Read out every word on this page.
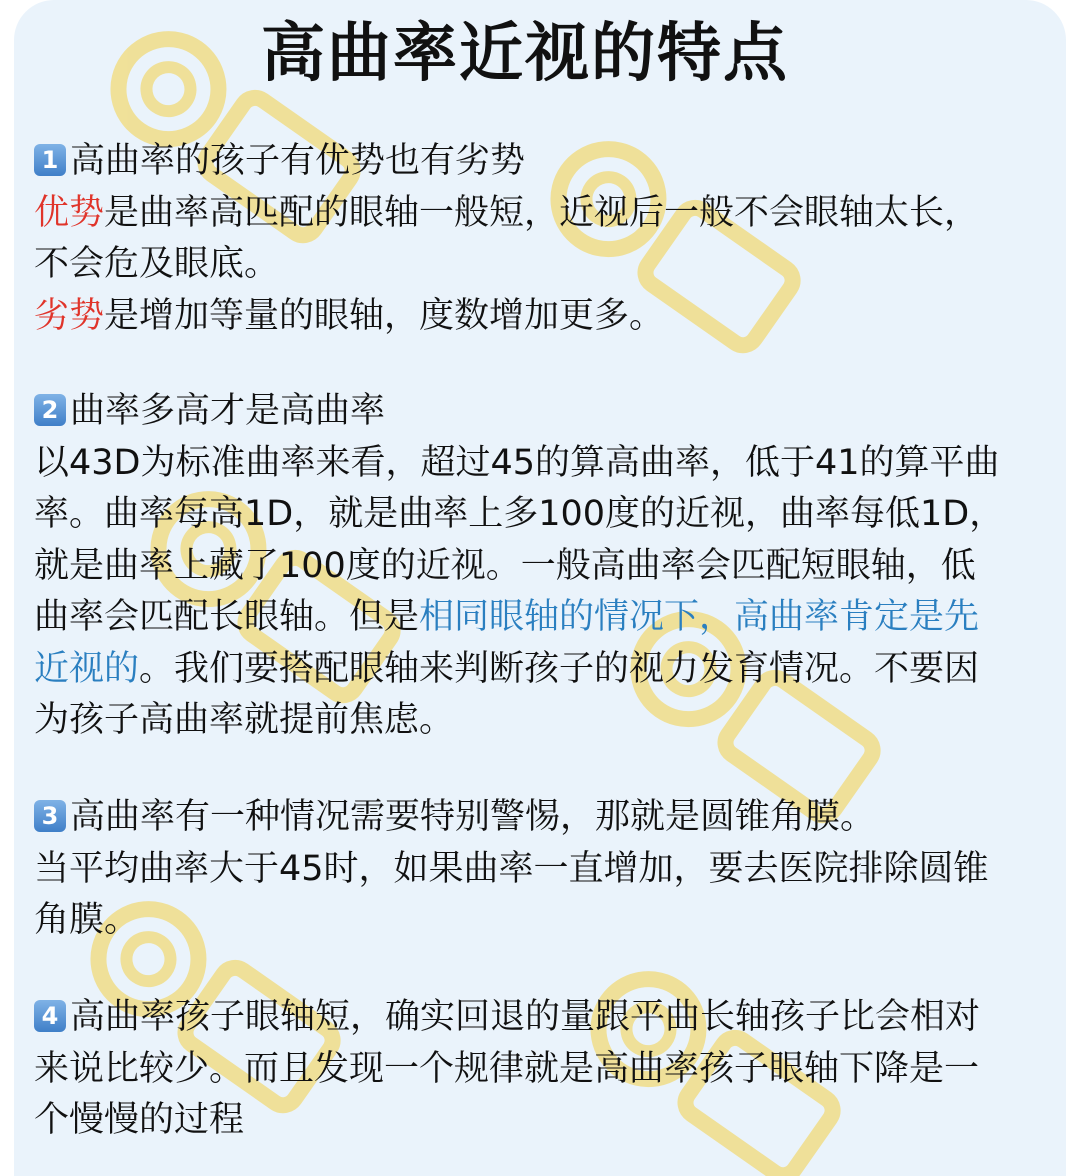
高曲率近视的特点
1 高曲率的孩子有优势也有劣势
优势是曲率高匹配的眼轴一般短，近视后一般不会眼轴太长，
不会危及眼底。
劣势是增加等量的眼轴，度数增加更多。
2 曲率多高才是高曲率
以43D为标准曲率来看，超过45的算高曲率，低于41的算平曲
率。曲率每高1D，就是曲率上多100度的近视，曲率每低1D，
就是曲率上藏了100度的近视。一般高曲率会匹配短眼轴，低
曲率会匹配长眼轴。但是相同眼轴的情况下，高曲率肯定是先
近视的。我们要搭配眼轴来判断孩子的视力发育情况。不要因
为孩子高曲率就提前焦虑。
3 高曲率有一种情况需要特别警惕，那就是圆锥角膜。
当平均曲率大于45时，如果曲率一直增加，要去医院排除圆锥
角膜。
4 高曲率孩子眼轴短，确实回退的量跟平曲长轴孩子比会相对
来说比较少。而且发现一个规律就是高曲率孩子眼轴下降是一
个慢慢的过程
